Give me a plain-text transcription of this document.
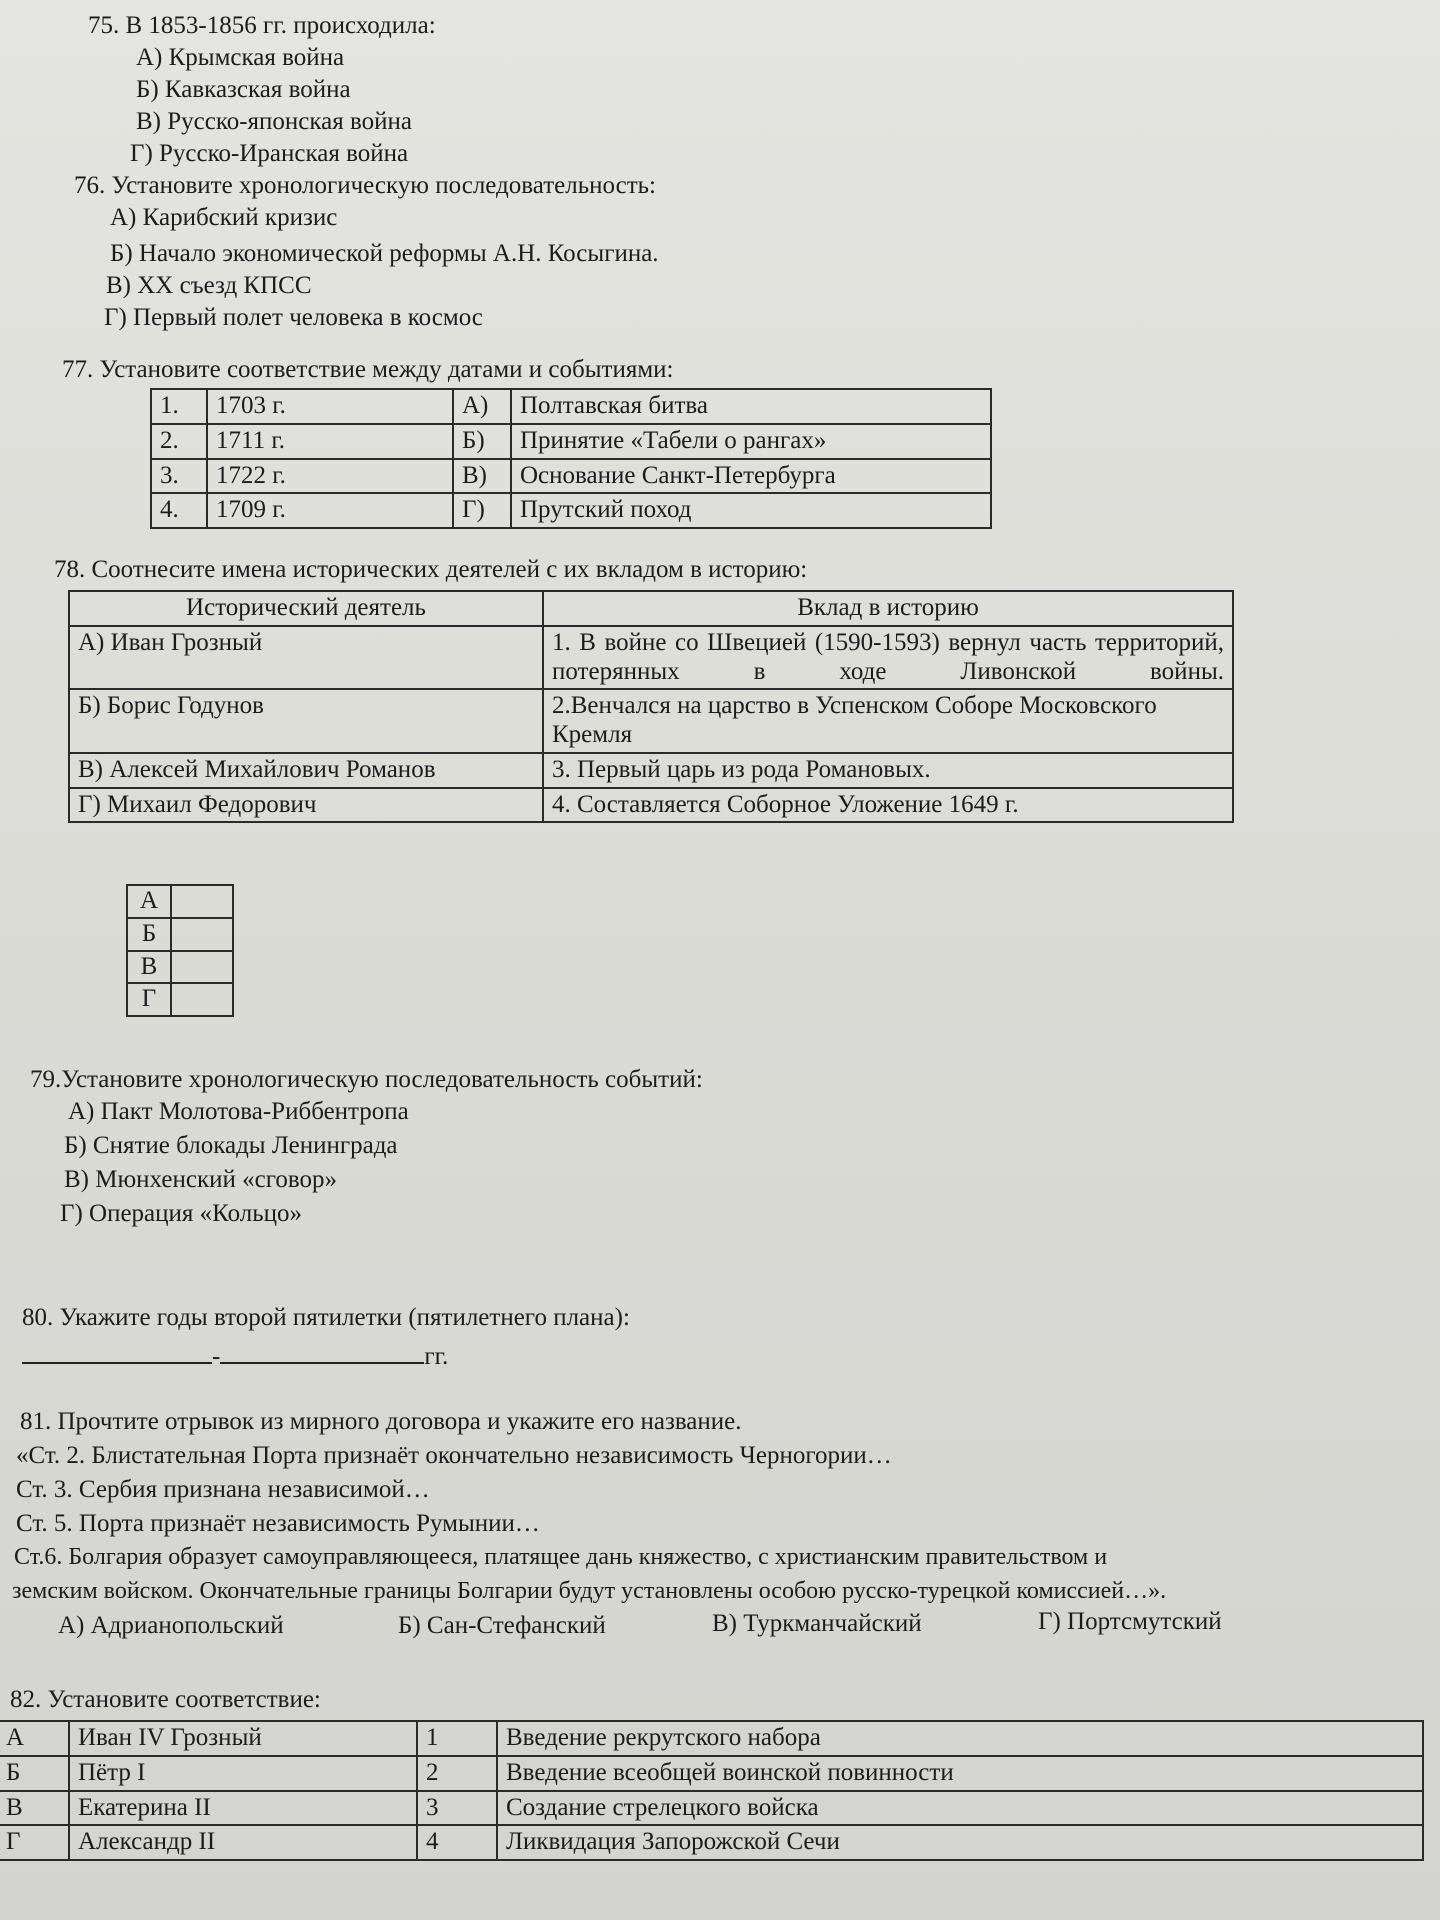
75. В 1853-1856 гг. происходила:
А) Крымская война
Б) Кавказская война
В) Русско-японская война
Г) Русско-Иранская война
76. Установите хронологическую последовательность:
А) Карибский кризис
Б) Начало экономической реформы А.Н. Косыгина.
В) XX съезд КПСС
Г) Первый полет человека в космос
77. Установите соответствие между датами и событиями:
1.	1703 г.	А)	Полтавская битва
2.	1711 г.	Б)	Принятие «Табели о рангах»
3.	1722 г.	В)	Основание Санкт-Петербурга
4.	1709 г.	Г)	Прутский поход
78. Соотнесите имена исторических деятелей с их вкладом в историю:
Исторический деятель	Вклад в историю
А) Иван Грозный	1. В войне со Швецией (1590-1593) вернул часть территорий, потерянных в ходе Ливонской войны.
Б) Борис Годунов	2.Венчался на царство в Успенском Соборе Московского Кремля
В) Алексей Михайлович Романов	3. Первый царь из рода Романовых.
Г) Михаил Федорович	4. Составляется Соборное Уложение 1649 г.
А	
Б	
В	
Г	
79.Установите хронологическую последовательность событий:
А) Пакт Молотова-Риббентропа
Б) Снятие блокады Ленинграда
В) Мюнхенский «сговор»
Г) Операция «Кольцо»
80. Укажите годы второй пятилетки (пятилетнего плана):
-	гг.
81. Прочтите отрывок из мирного договора и укажите его название.
«Ст. 2. Блистательная Порта признаёт окончательно независимость Черногории…
Ст. 3. Сербия признана независимой…
Ст. 5. Порта признаёт независимость Румынии…
Ст.6. Болгария образует самоуправляющееся, платящее дань княжество, с христианским правительством и
земским войском. Окончательные границы Болгарии будут установлены особою русско-турецкой комиссией…».
А) Адрианопольский	Б) Сан-Стефанский	В) Туркманчайский	Г) Портсмутский
82. Установите соответствие:
А	Иван IV Грозный	1	Введение рекрутского набора
Б	Пётр I	2	Введение всеобщей воинской повинности
В	Екатерина II	3	Создание стрелецкого войска
Г	Александр II	4	Ликвидация Запорожской Сечи
